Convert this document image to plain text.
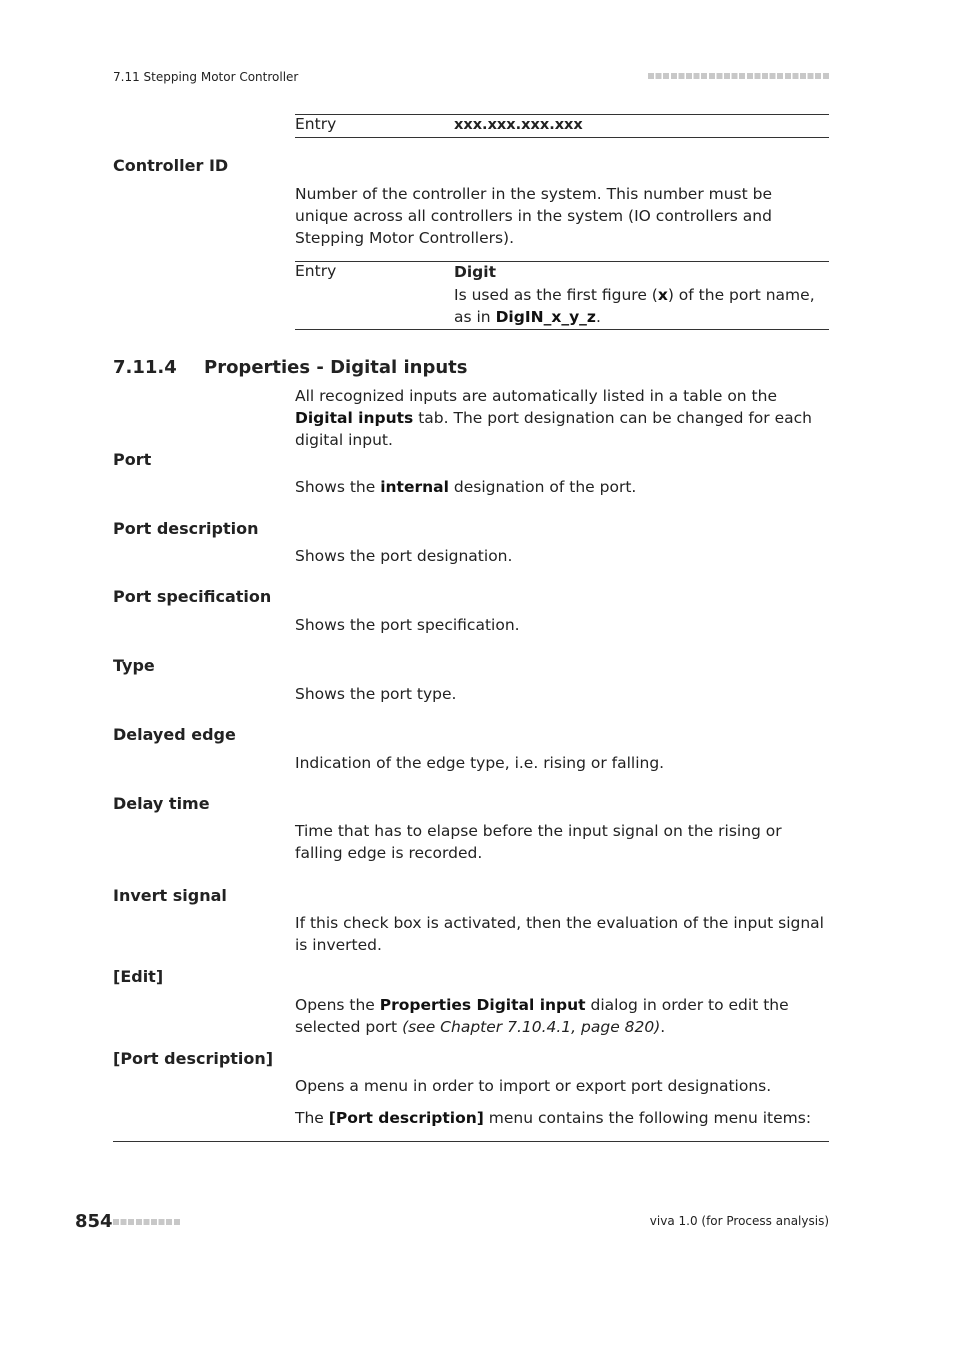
7.11 Stepping Motor Controller
Entry	xxx.xxx.xxx.xxx
Controller ID
Number of the controller in the system. This number must be unique across all controllers in the system (IO controllers and Stepping Motor Controllers).
Entry	Digit
Is used as the first figure (x) of the port name, as in DigIN_x_y_z.
7.11.4 Properties - Digital inputs
All recognized inputs are automatically listed in a table on the Digital inputs tab. The port designation can be changed for each digital input.
Port
Shows the internal designation of the port.
Port description
Shows the port designation.
Port specification
Shows the port specification.
Type
Shows the port type.
Delayed edge
Indication of the edge type, i.e. rising or falling.
Delay time
Time that has to elapse before the input signal on the rising or falling edge is recorded.
Invert signal
If this check box is activated, then the evaluation of the input signal is inverted.
[Edit]
Opens the Properties Digital input dialog in order to edit the selected port (see Chapter 7.10.4.1, page 820).
[Port description]
Opens a menu in order to import or export port designations.
The [Port description] menu contains the following menu items:
854	viva 1.0 (for Process analysis)
